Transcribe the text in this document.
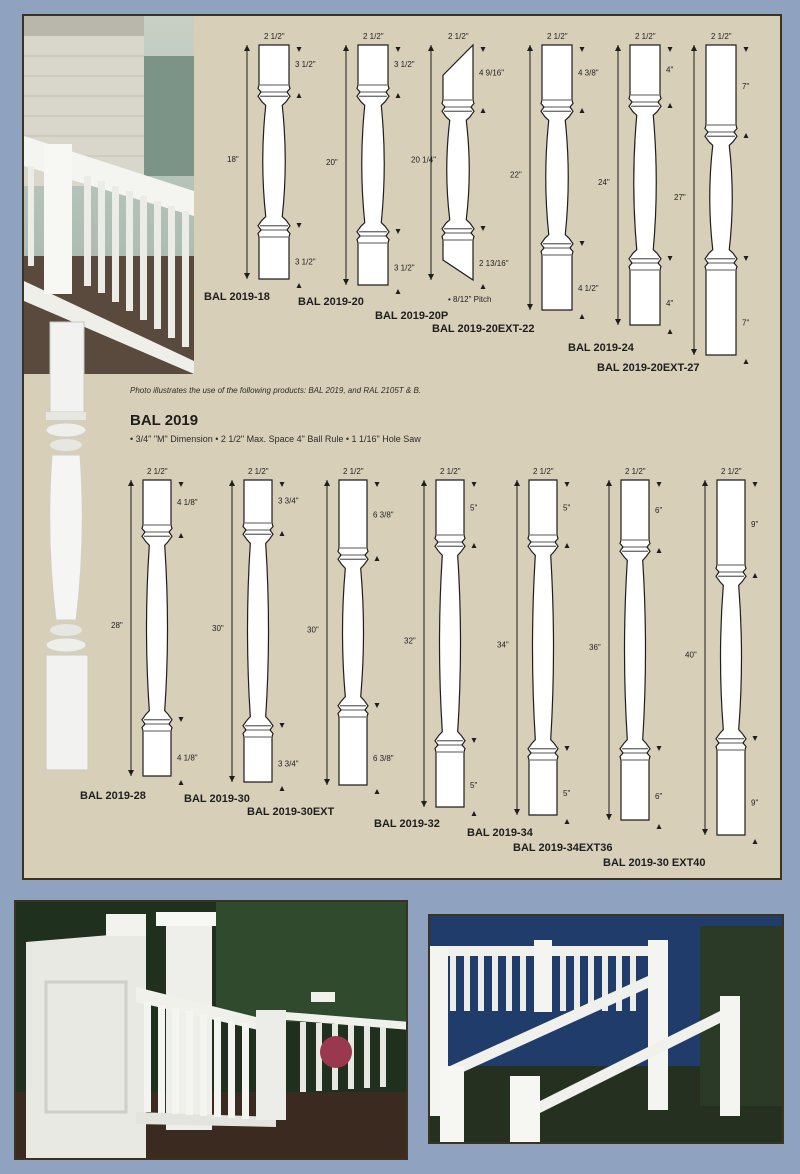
Photo illustrates the use of the following products: BAL 2019, and RAL 2105T & B.
BAL 2019
• 3/4" "M" Dimension • 2 1/2" Max. Space 4" Ball Rule • 1 1/16" Hole Saw
2 1/2"
18"
3 1/2"
3 1/2"
2 1/2"
20"
3 1/2"
3 1/2"
2 1/2"
20 1/4"
4 9/16"
2 13/16"
• 8/12" Pitch
2 1/2"
22"
4 3/8"
4 1/2"
2 1/2"
24"
4"
4"
2 1/2"
27"
7"
7"
2 1/2"
28"
4 1/8"
4 1/8"
2 1/2"
30"
3 3/4"
3 3/4"
2 1/2"
30"
6 3/8"
6 3/8"
2 1/2"
32"
5"
5"
2 1/2"
34"
5"
5"
2 1/2"
36"
6"
6"
2 1/2"
40"
9"
9"
BAL 2019-18	BAL 2019-20
BAL 2019-20P
BAL 2019-20EXT-22
BAL 2019-24
BAL 2019-20EXT-27
BAL 2019-28	BAL 2019-30
BAL 2019-30EXT
BAL 2019-32
BAL 2019-34
BAL 2019-34EXT36
BAL 2019-30 EXT40
